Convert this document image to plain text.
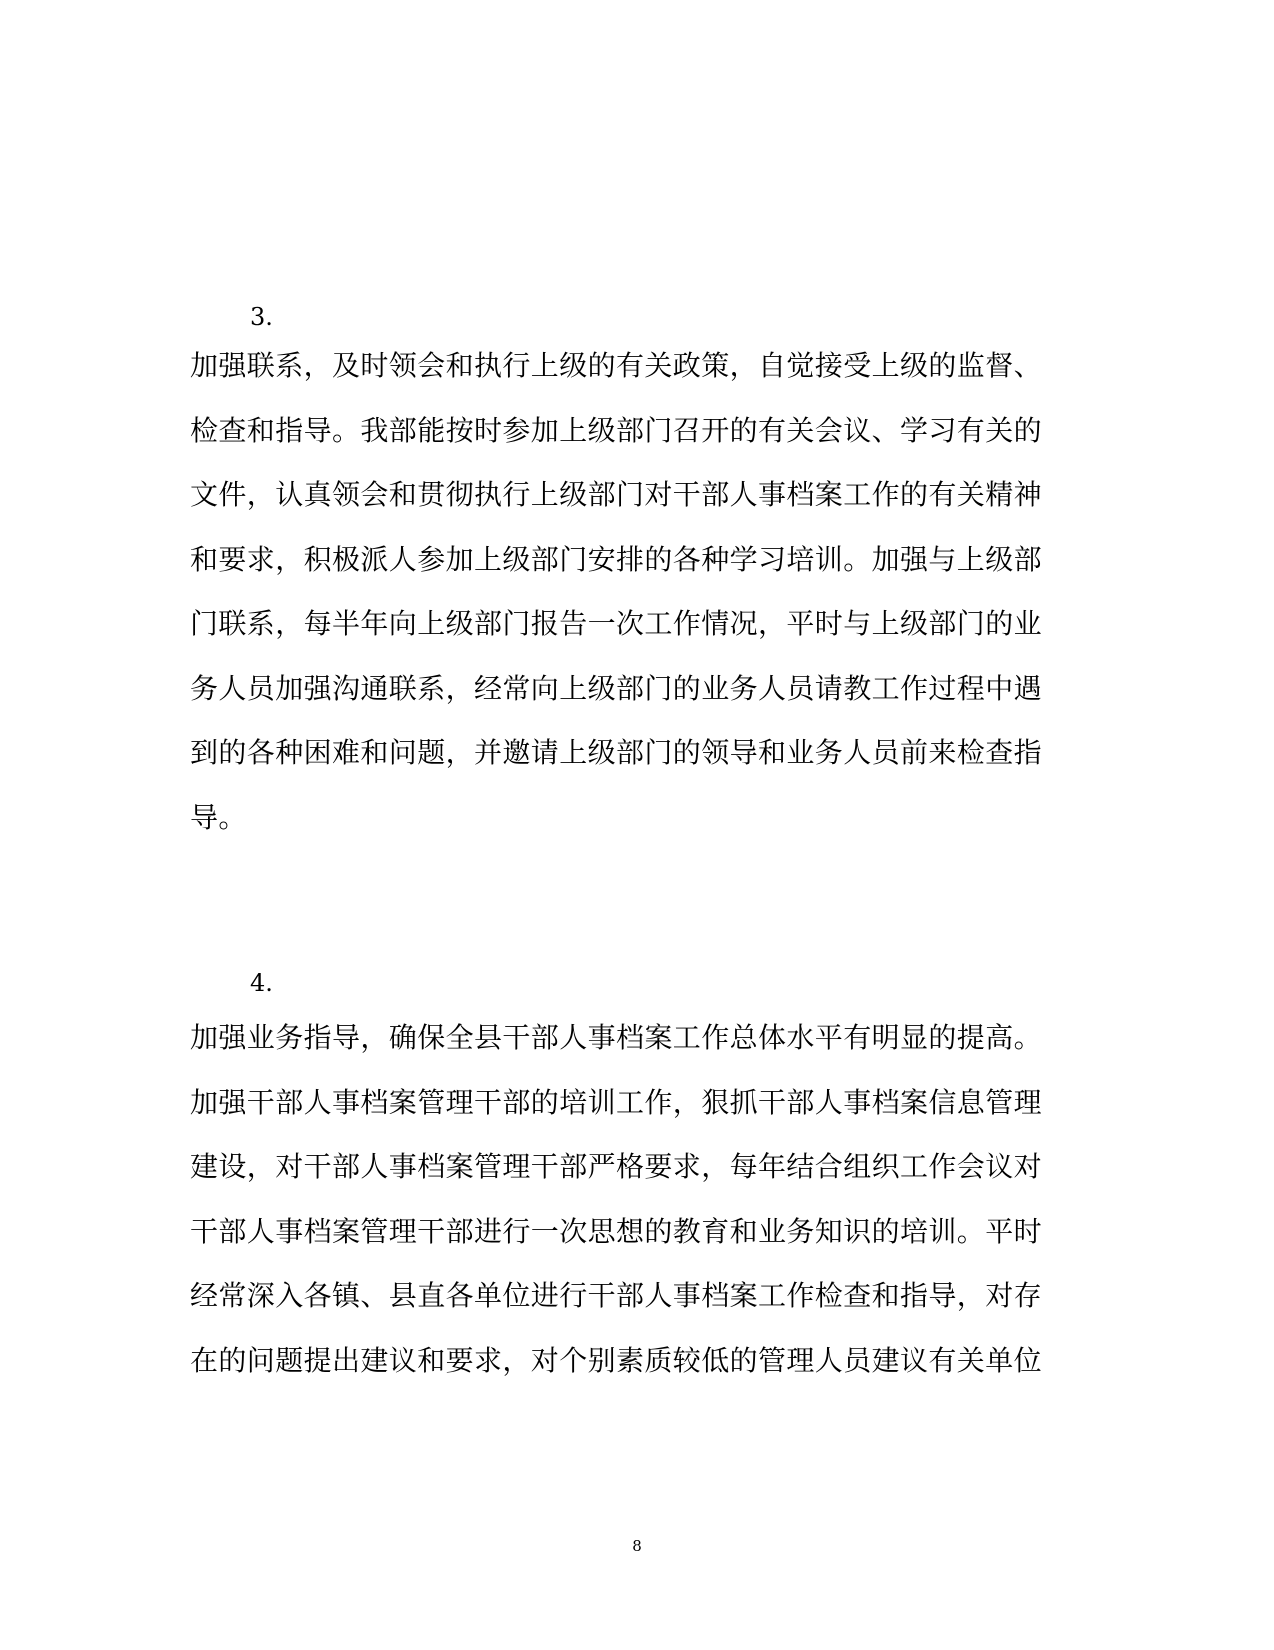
3.
加强联系，及时领会和执行上级的有关政策，自觉接受上级的监督、
检查和指导。我部能按时参加上级部门召开的有关会议、学习有关的
文件，认真领会和贯彻执行上级部门对干部人事档案工作的有关精神
和要求，积极派人参加上级部门安排的各种学习培训。加强与上级部
门联系，每半年向上级部门报告一次工作情况，平时与上级部门的业
务人员加强沟通联系，经常向上级部门的业务人员请教工作过程中遇
到的各种困难和问题，并邀请上级部门的领导和业务人员前来检查指
导。
4.
加强业务指导，确保全县干部人事档案工作总体水平有明显的提高。
加强干部人事档案管理干部的培训工作，狠抓干部人事档案信息管理
建设，对干部人事档案管理干部严格要求，每年结合组织工作会议对
干部人事档案管理干部进行一次思想的教育和业务知识的培训。平时
经常深入各镇、县直各单位进行干部人事档案工作检查和指导，对存
在的问题提出建议和要求，对个别素质较低的管理人员建议有关单位
8
